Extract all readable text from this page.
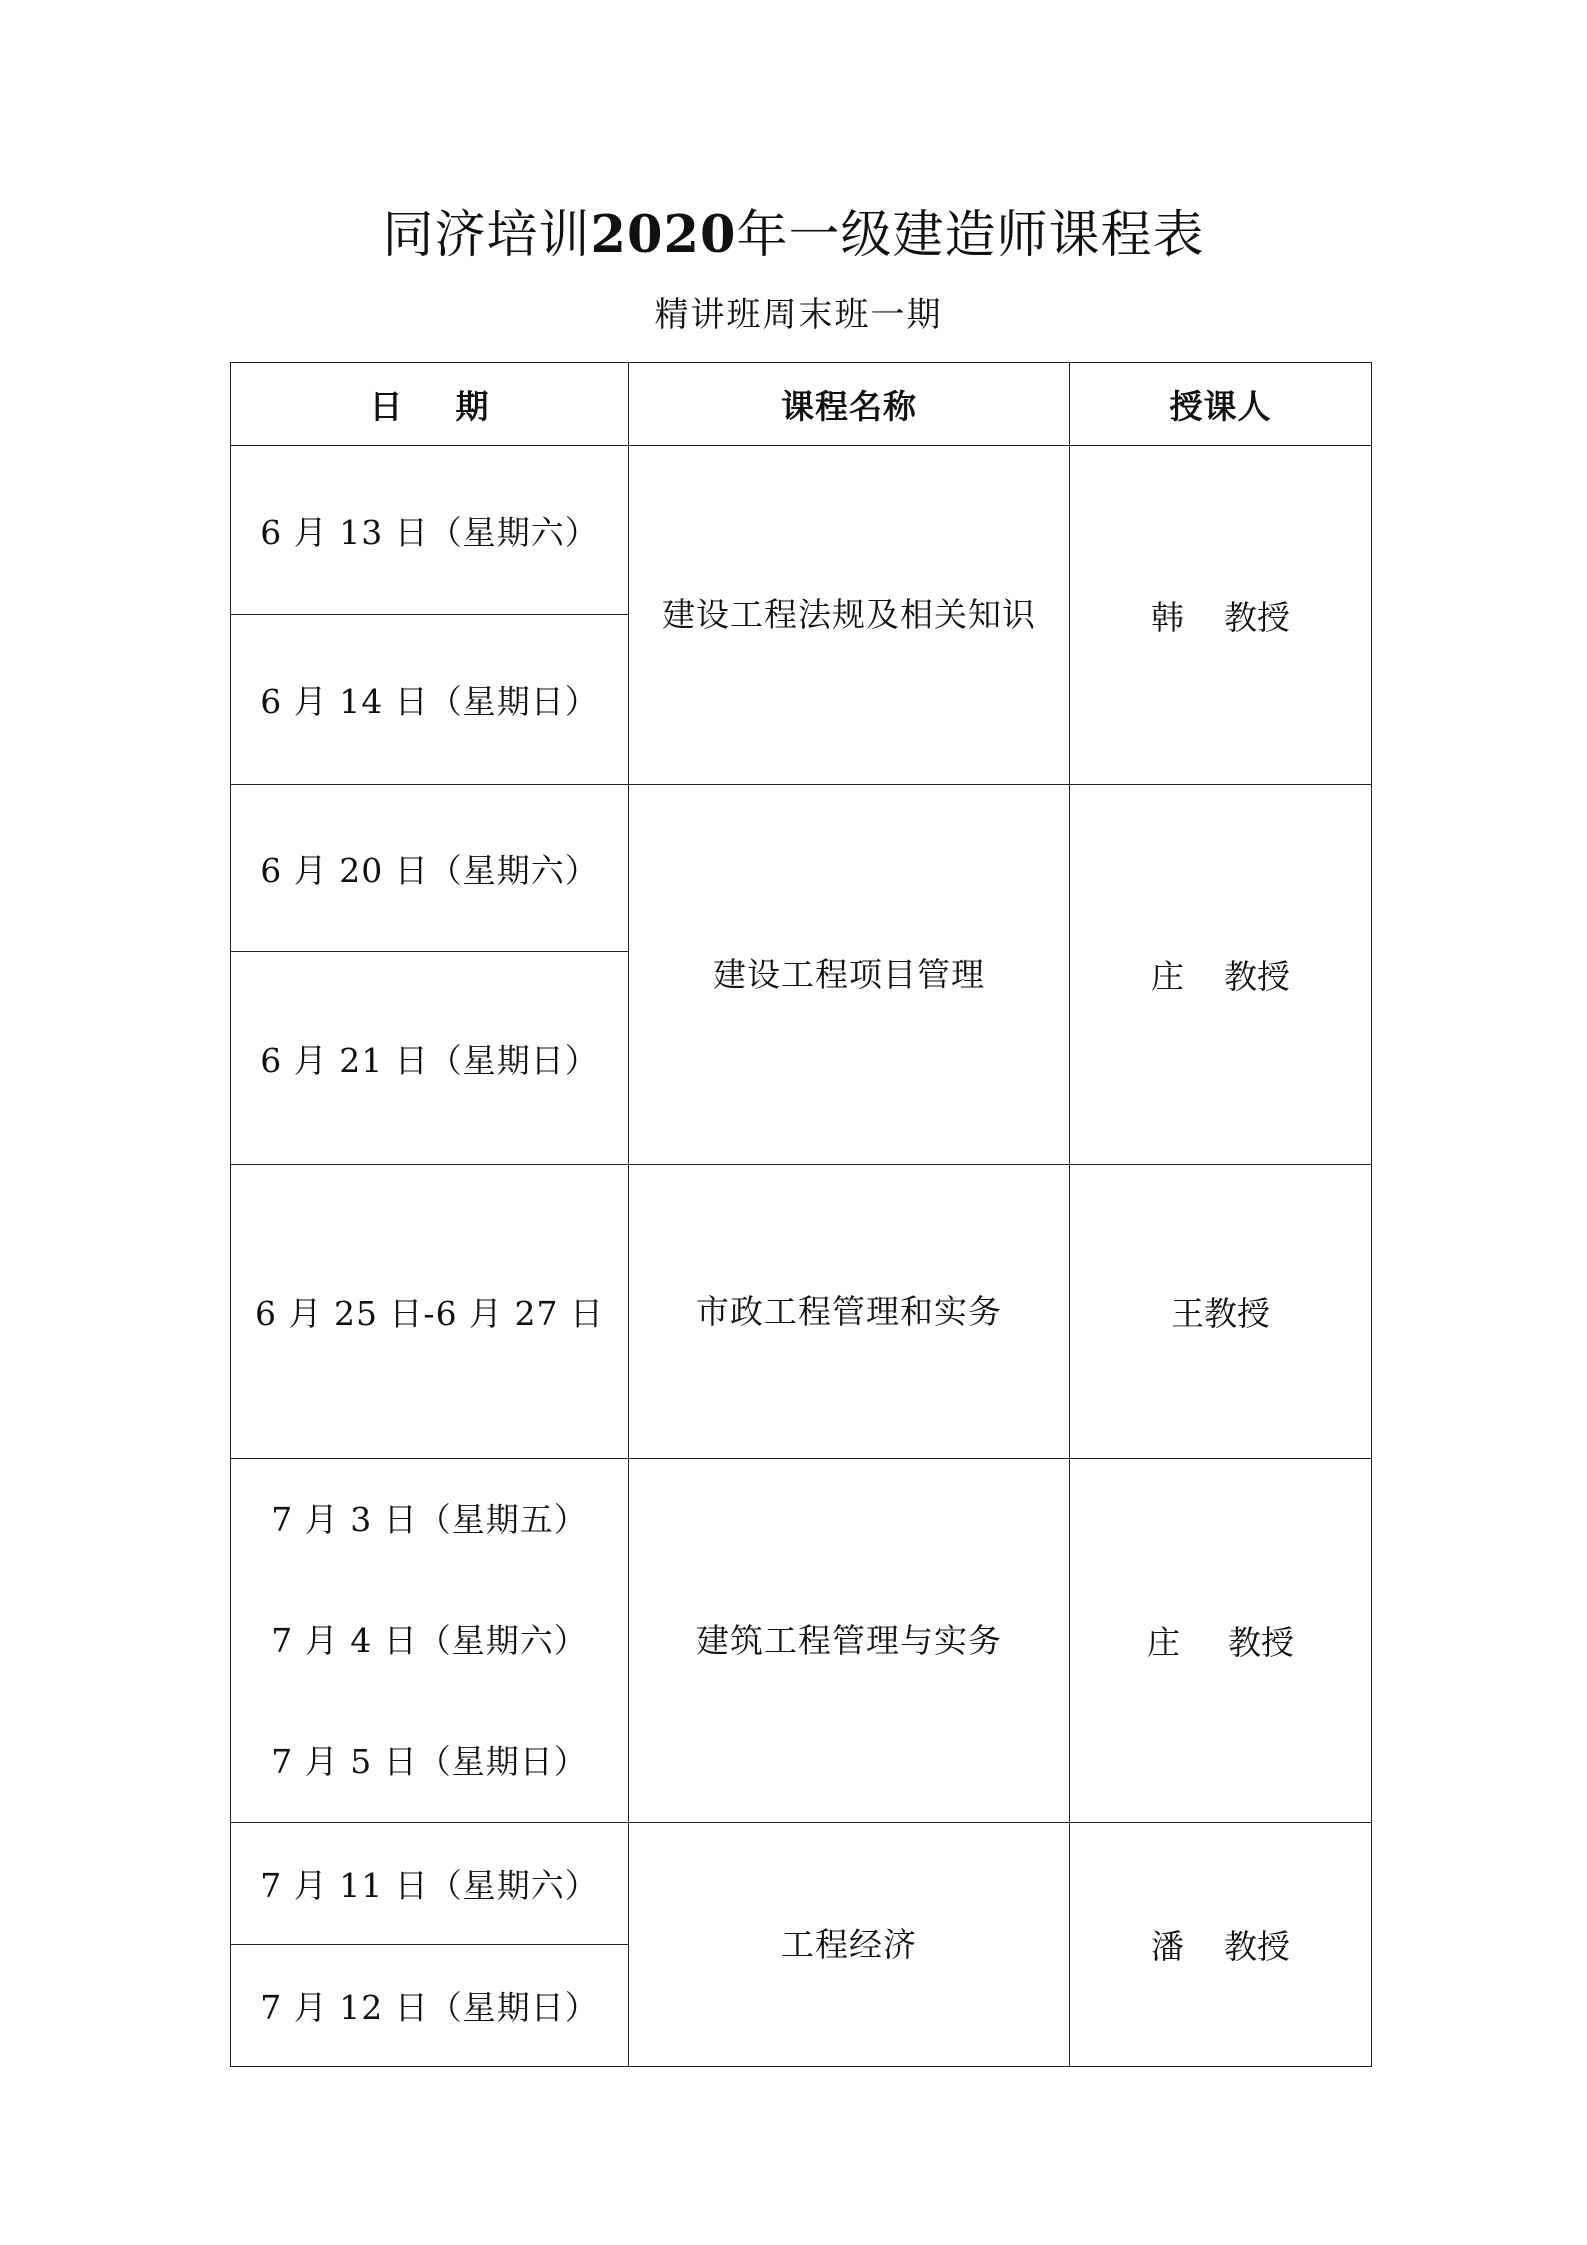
同济培训2020年一级建造师课程表
精讲班周末班一期
日 期	课程名称	授课人
6 月 13 日（星期六）	建设工程法规及相关知识	韩 教授
6 月 14 日（星期日）		
6 月 20 日（星期六）	建设工程项目管理	庄 教授
6 月 21 日（星期日）		
6 月 25 日-6 月 27 日	市政工程管理和实务	王教授

7 月 3 日（星期五）
7 月 4 日（星期六）
7 月 5 日（星期日）	建筑工程管理与实务	庄 教授
7 月 11 日（星期六）	工程经济	潘 教授
7 月 12 日（星期日）		
